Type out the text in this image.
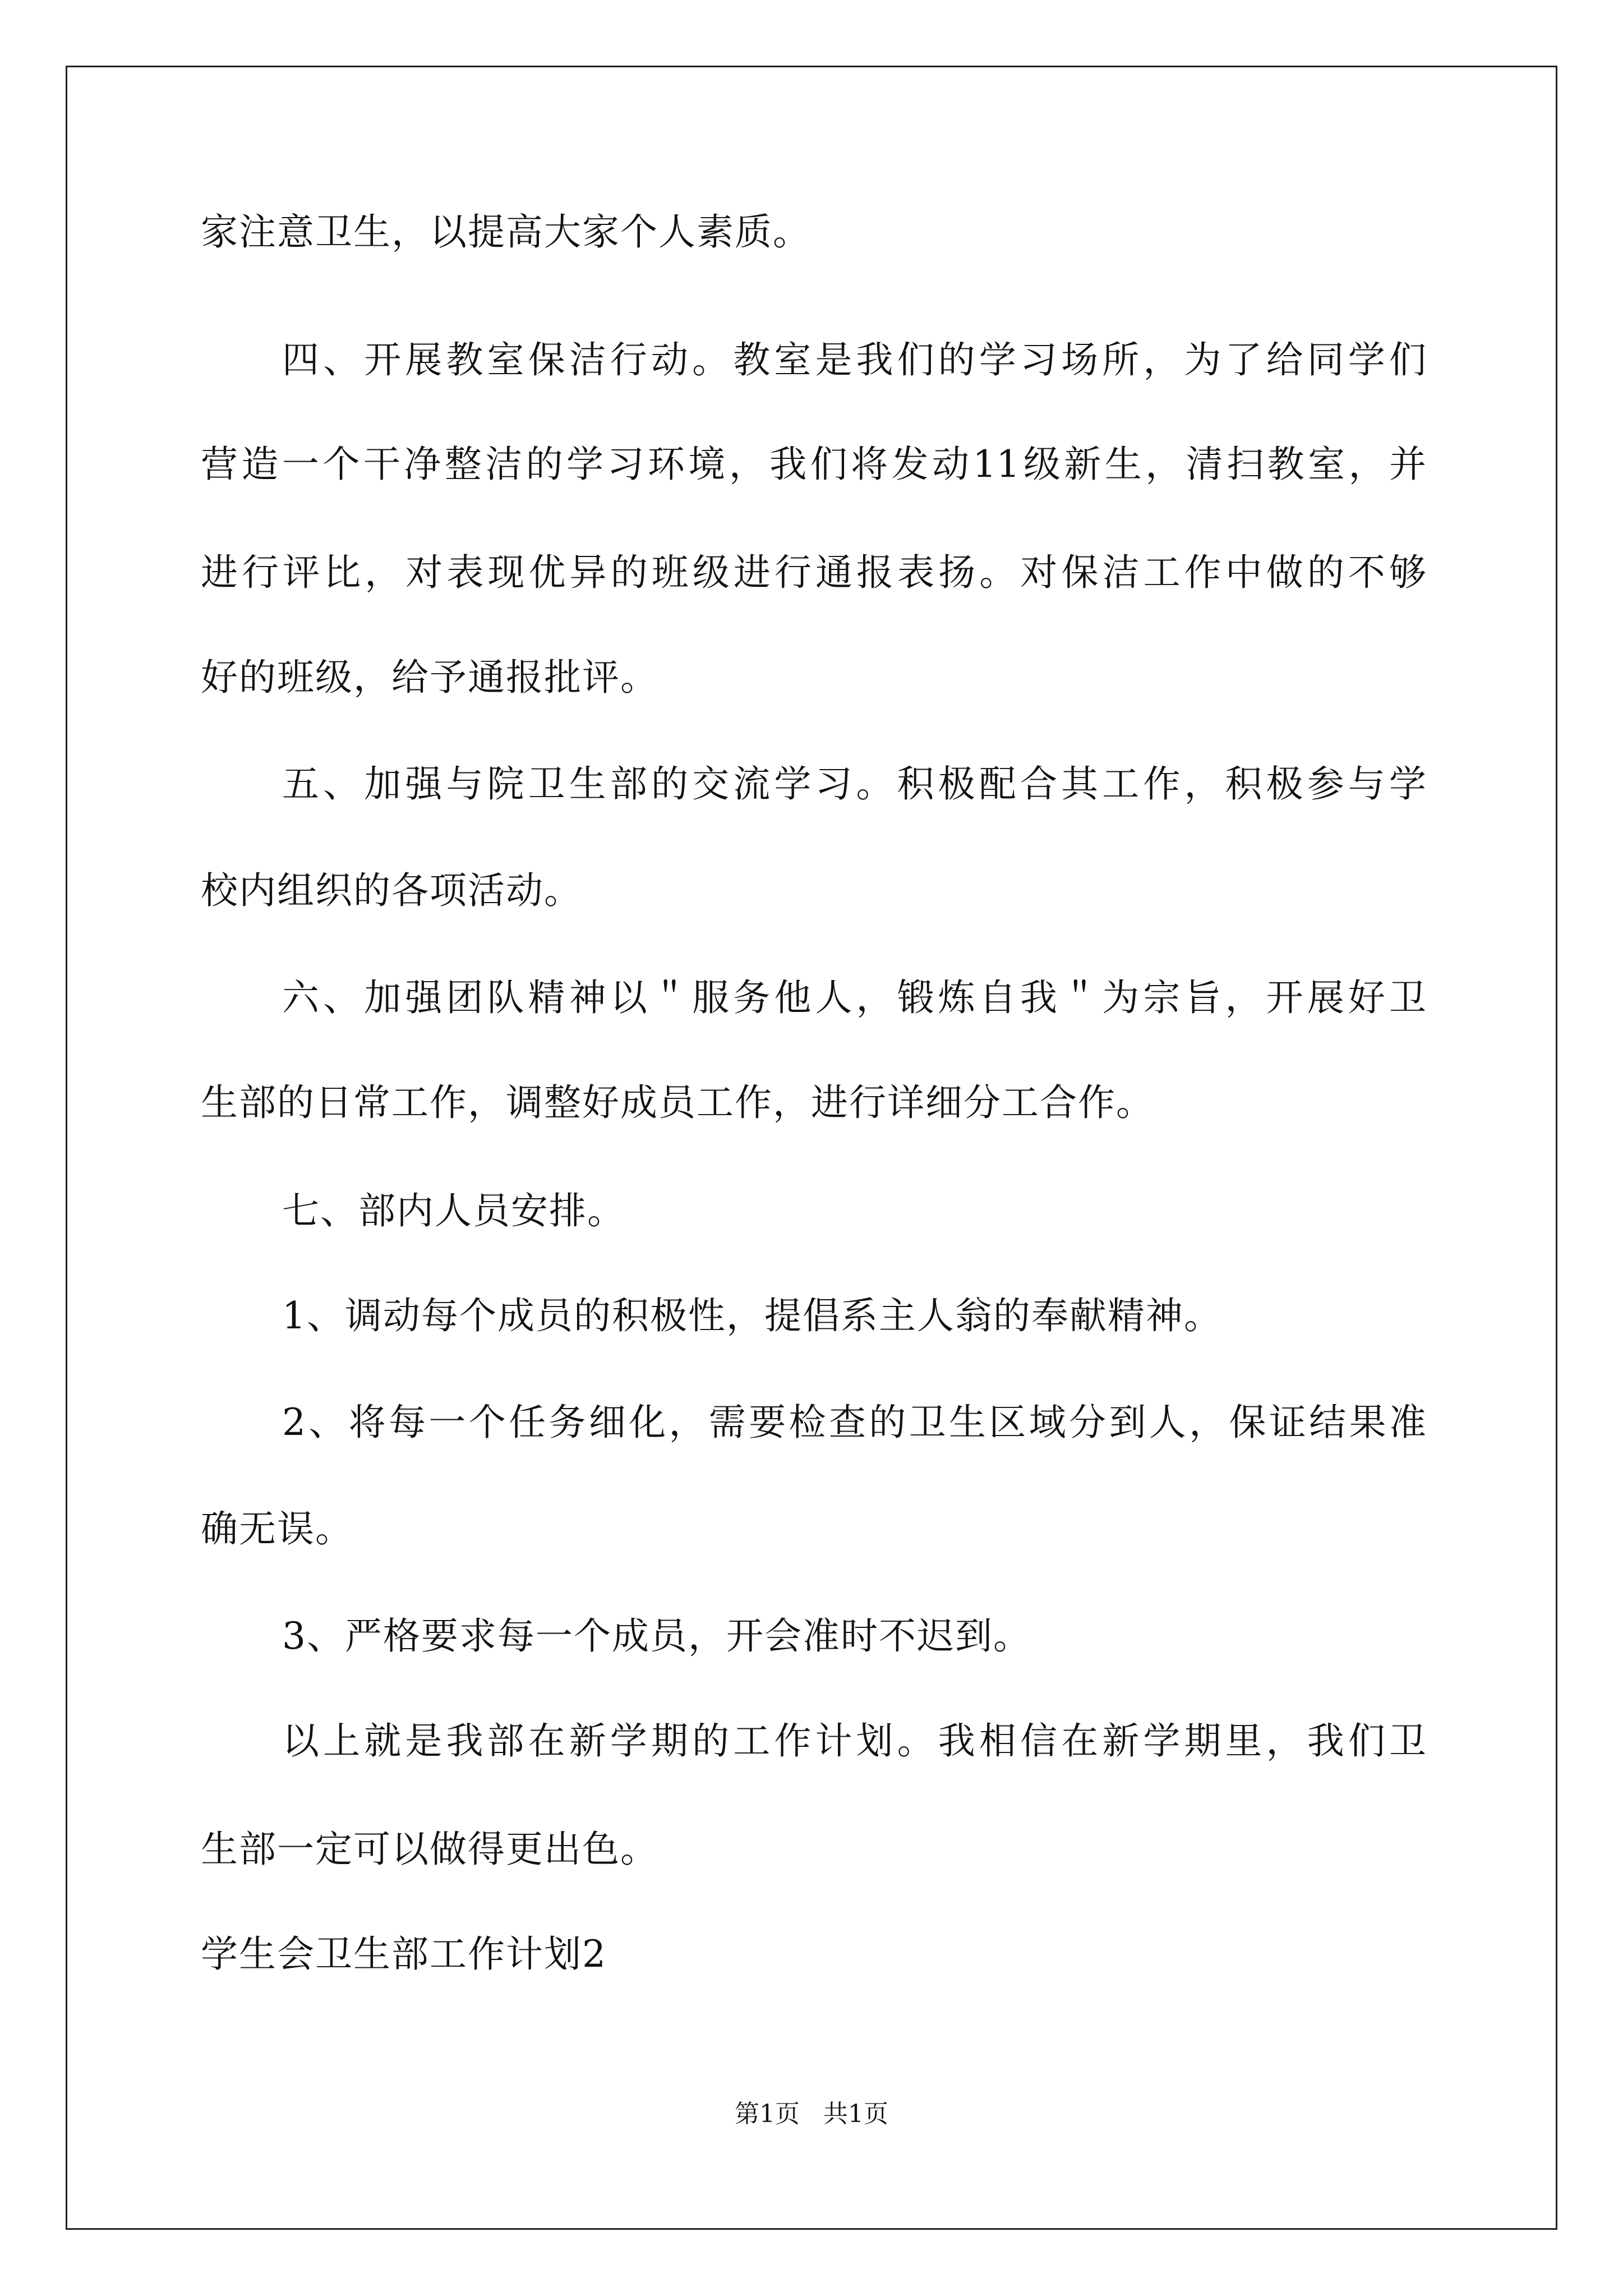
家注意卫生，以提高大家个人素质。
四、开展教室保洁行动。教室是我们的学习场所，为了给同学们
营造一个干净整洁的学习环境，我们将发动11级新生，清扫教室，并
进行评比，对表现优异的班级进行通报表扬。对保洁工作中做的不够
好的班级，给予通报批评。
五、加强与院卫生部的交流学习。积极配合其工作，积极参与学
校内组织的各项活动。
六、加强团队精神以＂服务他人，锻炼自我＂为宗旨，开展好卫
生部的日常工作，调整好成员工作，进行详细分工合作。
七、部内人员安排。
1、调动每个成员的积极性，提倡系主人翁的奉献精神。
2、将每一个任务细化，需要检查的卫生区域分到人，保证结果准
确无误。
3、严格要求每一个成员，开会准时不迟到。
以上就是我部在新学期的工作计划。我相信在新学期里，我们卫
生部一定可以做得更出色。
学生会卫生部工作计划2
第1页   共1页
